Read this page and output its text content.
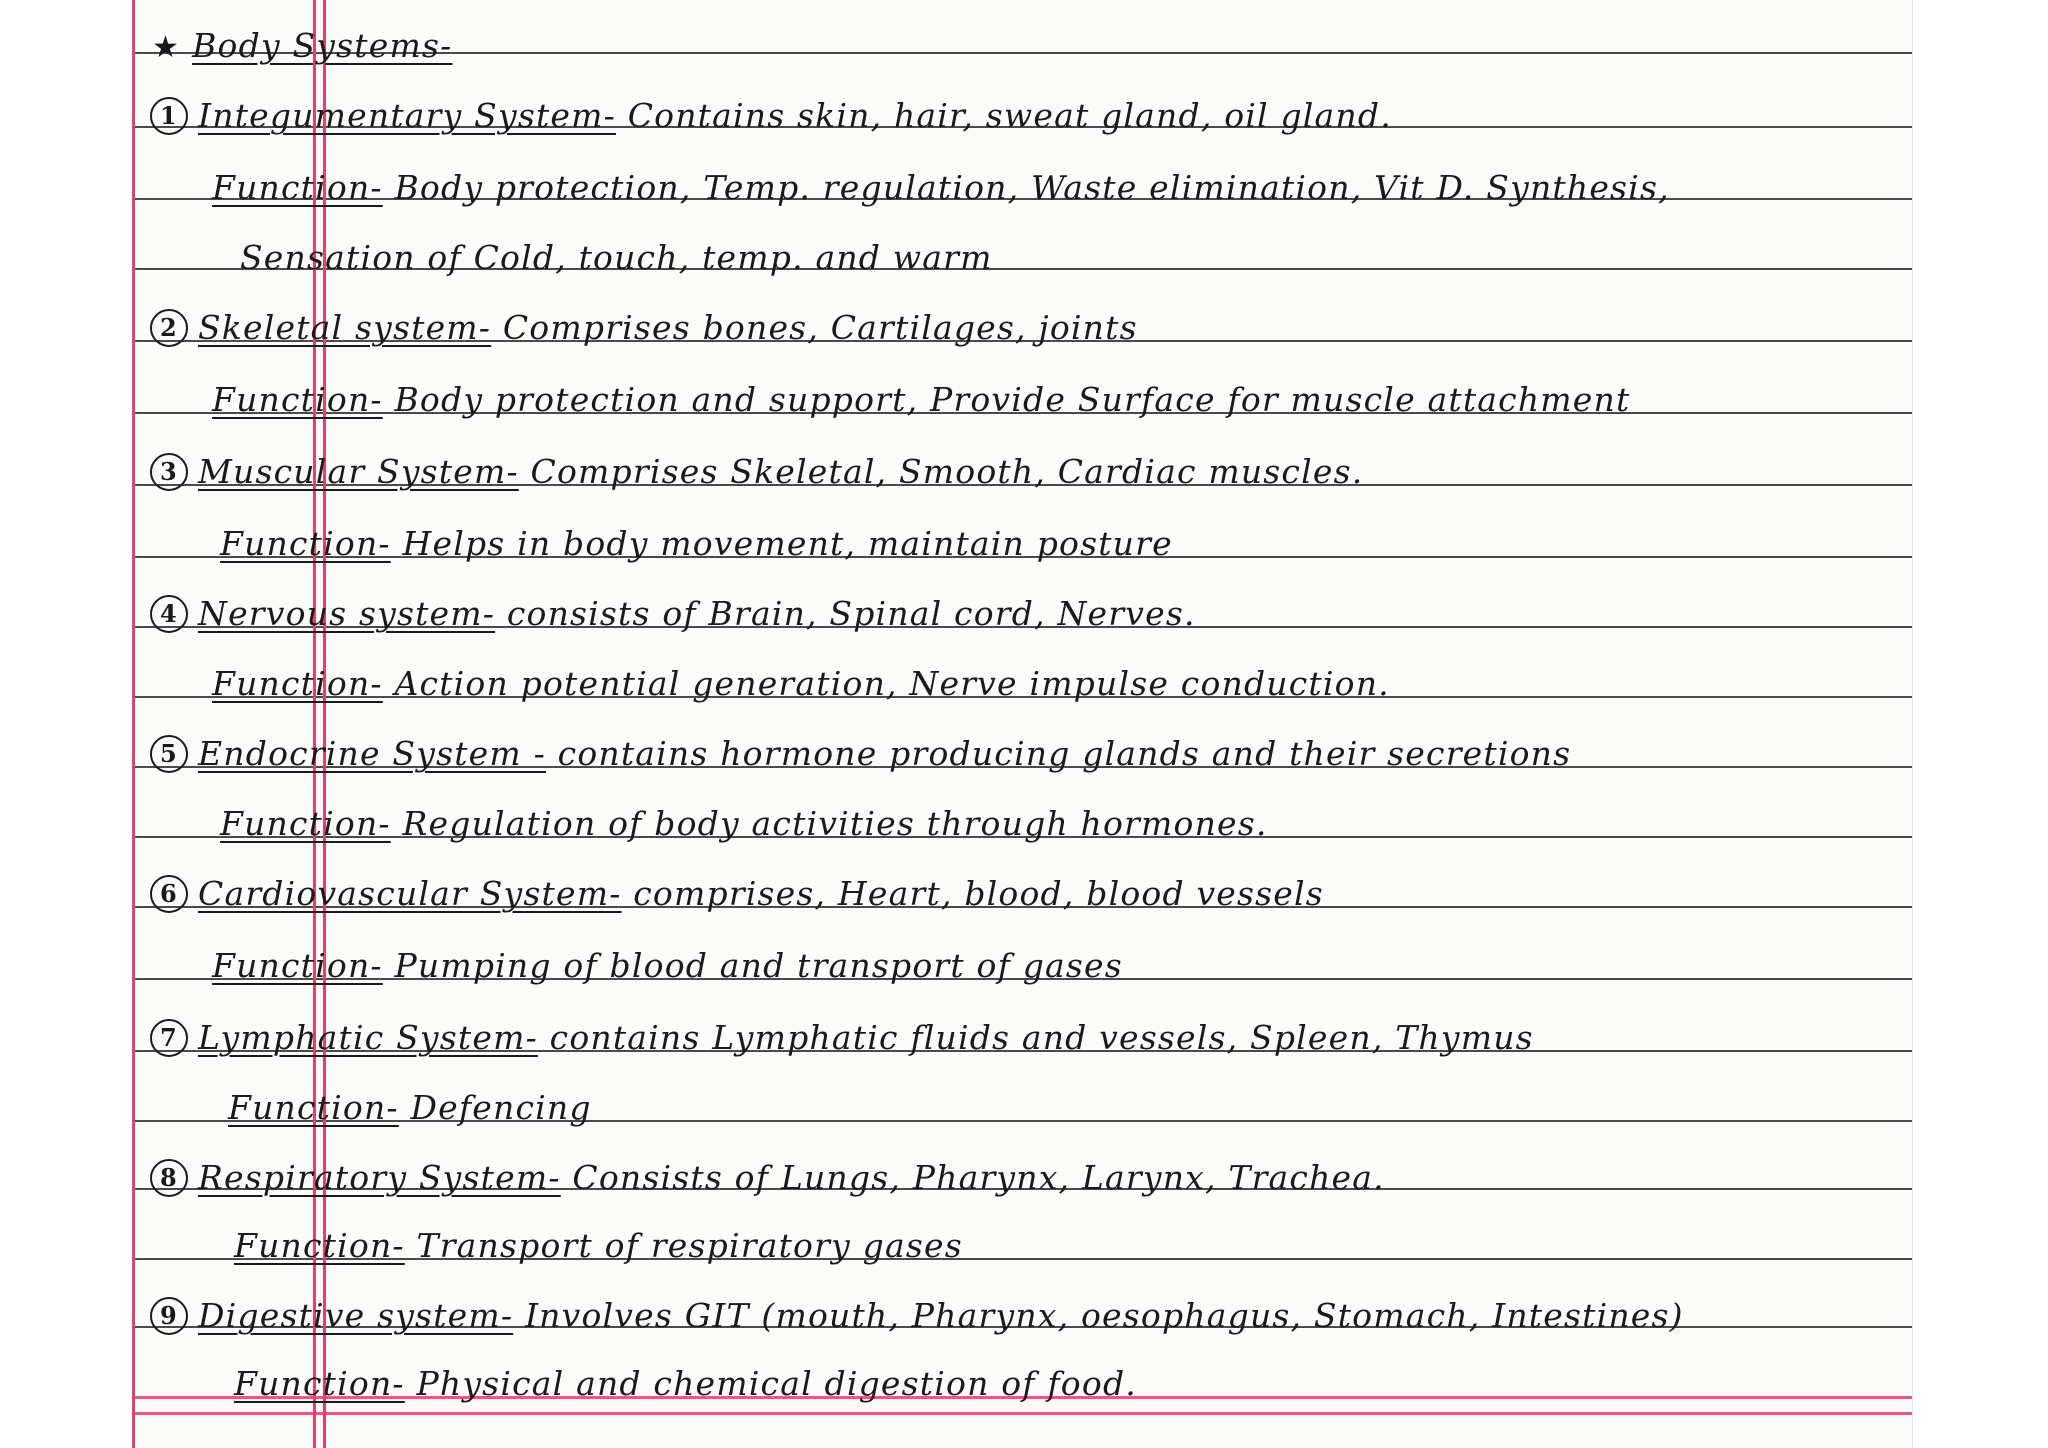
★ Body Systems-

1 Integumentary System- Contains skin, hair, sweat gland, oil gland.

Function- Body protection, Temp. regulation, Waste elimination, Vit D. Synthesis,

Sensation of Cold, touch, temp. and warm

2 Skeletal system- Comprises bones, Cartilages, joints

Function- Body protection and support, Provide Surface for muscle attachment

3 Muscular System- Comprises Skeletal, Smooth, Cardiac muscles.

Function- Helps in body movement, maintain posture

4 Nervous system- consists of Brain, Spinal cord, Nerves.

Function- Action potential generation, Nerve impulse conduction.

5 Endocrine System - contains hormone producing glands and their secretions

Function- Regulation of body activities through hormones.

6 Cardiovascular System- comprises, Heart, blood, blood vessels

Function- Pumping of blood and transport of gases

7 Lymphatic System- contains Lymphatic fluids and vessels, Spleen, Thymus

Function- Defencing

8 Respiratory System- Consists of Lungs, Pharynx, Larynx, Trachea.

Function- Transport of respiratory gases

9 Digestive system- Involves GIT (mouth, Pharynx, oesophagus, Stomach, Intestines)

Function- Physical and chemical digestion of food.
